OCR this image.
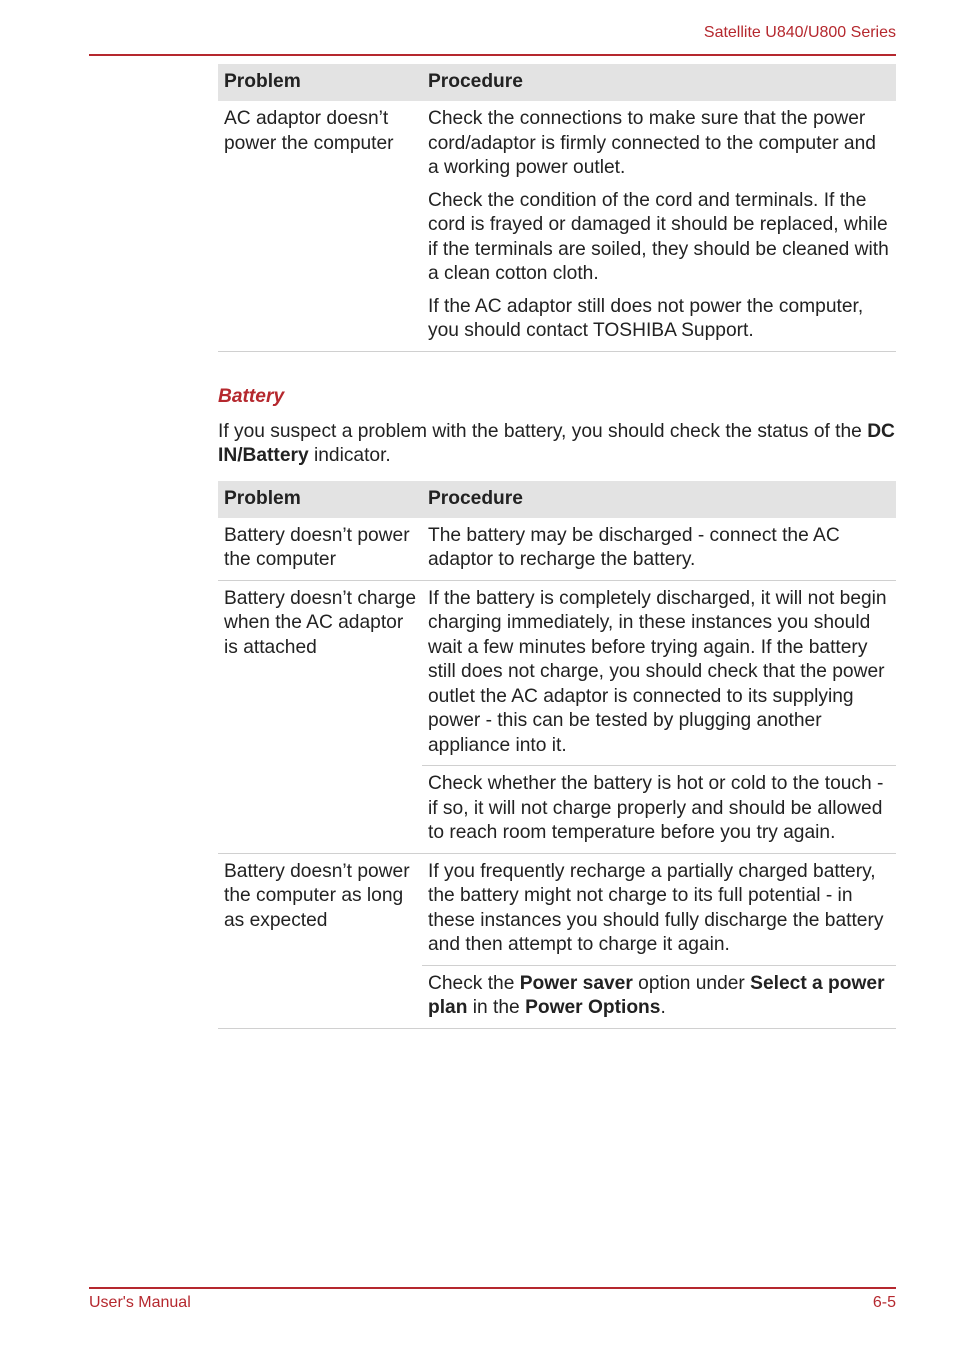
Satellite U840/U800 Series
Problem	Procedure
AC adaptor doesn’t power the computer	Check the connections to make sure that the power cord/adaptor is firmly connected to the computer and a working power outlet.

Check the condition of the cord and terminals. If the cord is frayed or damaged it should be replaced, while if the terminals are soiled, they should be cleaned with a clean cotton cloth.

If the AC adaptor still does not power the computer, you should contact TOSHIBA Support.

Battery

If you suspect a problem with the battery, you should check the status of the DC IN/Battery indicator.

Problem	Procedure
Battery doesn’t power the computer	The battery may be discharged - connect the AC adaptor to recharge the battery.
Battery doesn’t charge when the AC adaptor is attached	If the battery is completely discharged, it will not begin charging immediately, in these instances you should wait a few minutes before trying again. If the battery still does not charge, you should check that the power outlet the AC adaptor is connected to its supplying power - this can be tested by plugging another appliance into it.
	Check whether the battery is hot or cold to the touch - if so, it will not charge properly and should be allowed to reach room temperature before you try again.
Battery doesn’t power the computer as long as expected	If you frequently recharge a partially charged battery, the battery might not charge to its full potential - in these instances you should fully discharge the battery and then attempt to charge it again.
	Check the Power saver option under Select a power plan in the Power Options.
User's Manual	6-5
